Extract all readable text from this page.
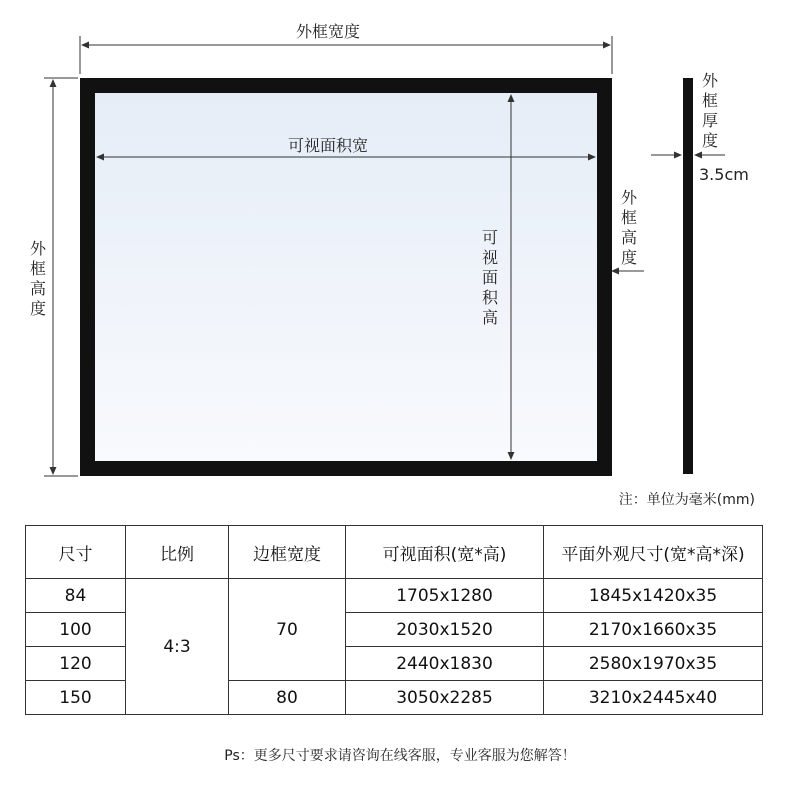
外框宽度
外框高度
可视面积宽
可视面积高
外框高度
外框厚度
3.5cm
注：单位为毫米(mm)
尺寸	比例	边框宽度	可视面积(宽*高)	平面外观尺寸(宽*高*深)
84	4:3	70	1705x1280	1845x1420x35
100			2030x1520	2170x1660x35
120			2440x1830	2580x1970x35
150		80	3050x2285	3210x2445x40
Ps：更多尺寸要求请咨询在线客服，专业客服为您解答！
